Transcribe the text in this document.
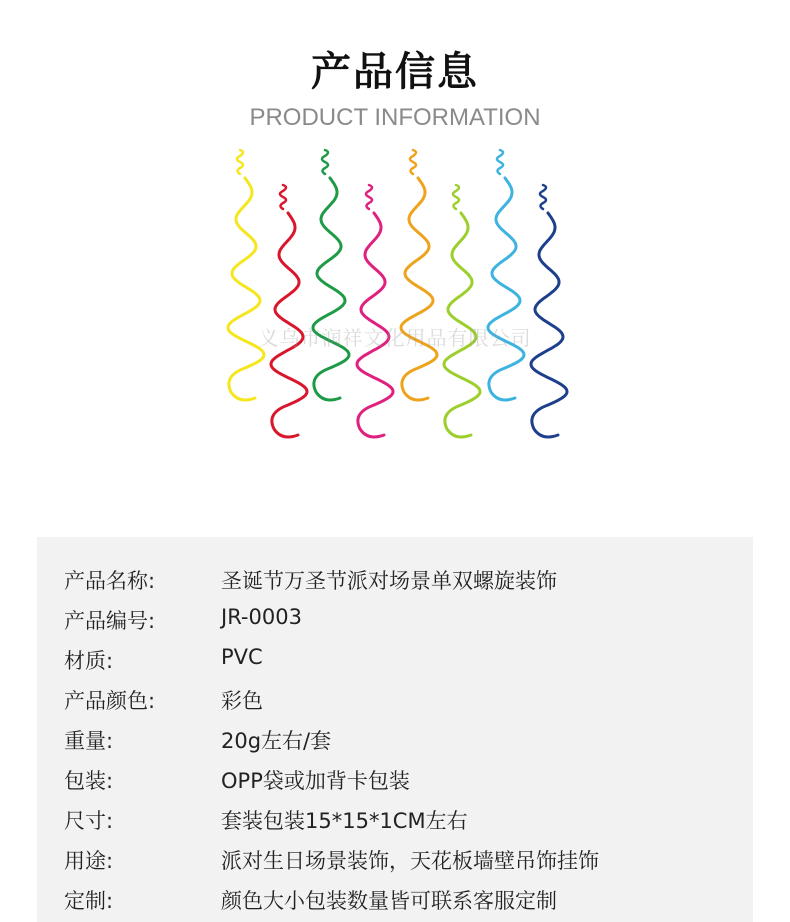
产品信息
PRODUCT INFORMATION
义乌市润祥文化用品有限公司
产品名称:	圣诞节万圣节派对场景单双螺旋装饰
产品编号:	JR-0003
材质:	PVC
产品颜色:	彩色
重量:	20g左右/套
包装:	OPP袋或加背卡包装
尺寸:	套装包装15*15*1CM左右
用途:	派对生日场景装饰，天花板墙壁吊饰挂饰
定制:	颜色大小包装数量皆可联系客服定制
